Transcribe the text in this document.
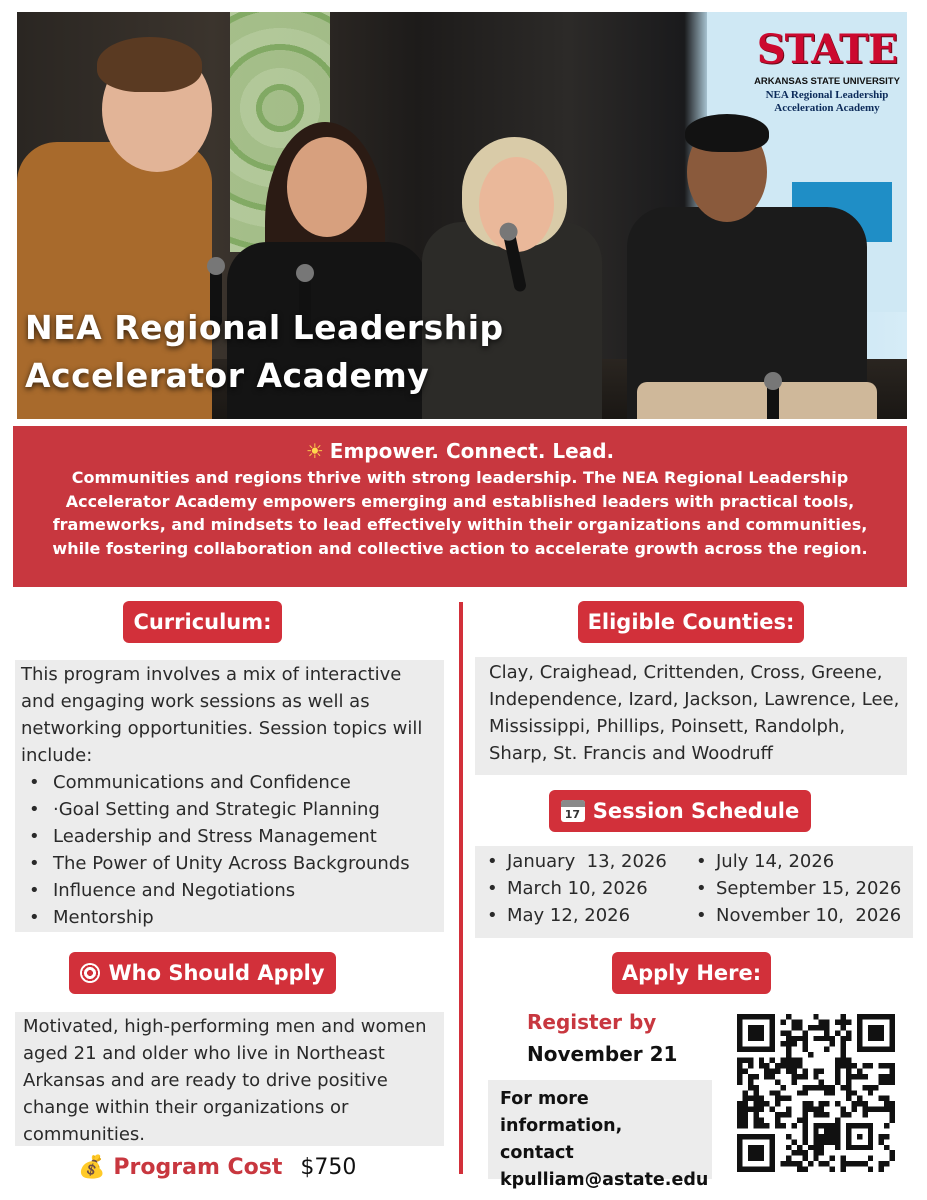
NEA Regional Leadership
Accelerator Academy
STATE
ARKANSAS STATE UNIVERSITY
NEA Regional Leadership
Acceleration Academy
☀ Empower. Connect. Lead.
Communities and regions thrive with strong leadership. The NEA Regional Leadership Accelerator Academy empowers emerging and established leaders with practical tools, frameworks, and mindsets to lead effectively within their organizations and communities, while fostering collaboration and collective action to accelerate growth across the region.
Curriculum:
This program involves a mix of interactive and engaging work sessions as well as networking opportunities. Session topics will include:
• Communications and Confidence
• ·Goal Setting and Strategic Planning
• Leadership and Stress Management
• The Power of Unity Across Backgrounds
• Influence and Negotiations
• Mentorship
Eligible Counties:
Clay, Craighead, Crittenden, Cross, Greene, Independence, Izard, Jackson, Lawrence, Lee, Mississippi, Phillips, Poinsett, Randolph, Sharp, St. Francis and Woodruff
17 Session Schedule
• January  13, 2026
• March 10, 2026
• May 12, 2026
• July 14, 2026
• September 15, 2026
• November 10,  2026
Who Should Apply
Motivated, high-performing men and women aged 21 and older who live in Northeast Arkansas and are ready to drive positive change within their organizations or communities.
💰 Program Cost $750
Apply Here:
Register by
November 21
For more
information, contact
kpulliam@astate.edu
